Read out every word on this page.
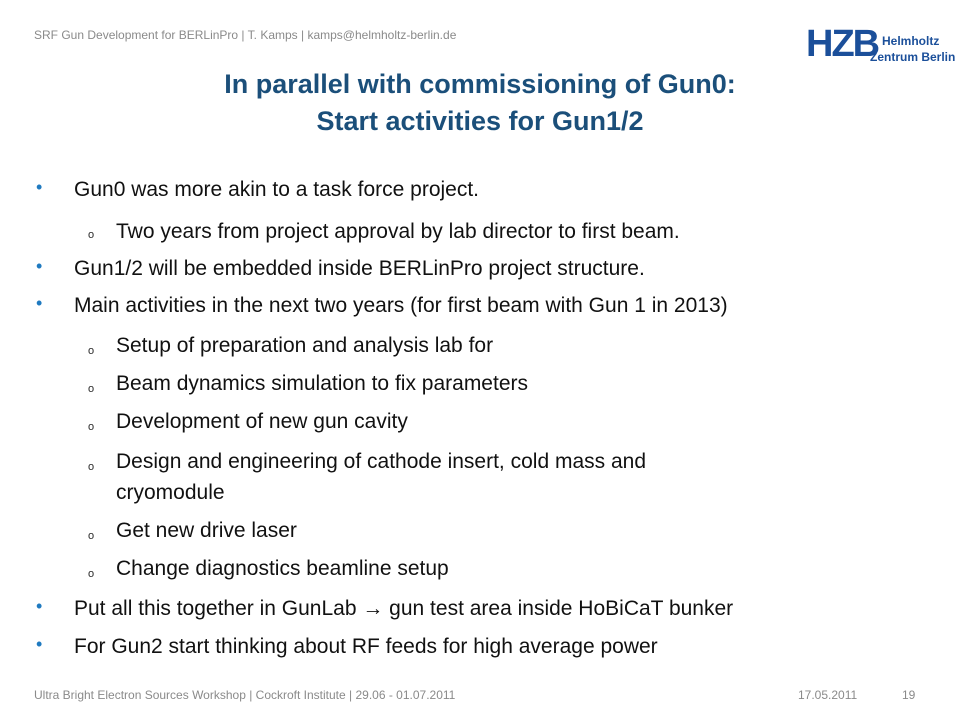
SRF Gun Development for BERLinPro | T. Kamps | kamps@helmholtz-berlin.de	HZB Helmholtz
Zentrum Berlin
In parallel with commissioning of Gun0:
Start activities for Gun1/2
• Gun0 was more akin to a task force project.
o Two years from project approval by lab director to first beam.
• Gun1/2 will be embedded inside BERLinPro project structure.
• Main activities in the next two years (for first beam with Gun 1 in 2013)
o Setup of preparation and analysis lab for
o Beam dynamics simulation to fix parameters
o Development of new gun cavity
o Design and engineering of cathode insert, cold mass and
cryomodule
o Get new drive laser
o Change diagnostics beamline setup
• Put all this together in GunLab → gun test area inside HoBiCaT bunker
• For Gun2 start thinking about RF feeds for high average power
Ultra Bright Electron Sources Workshop | Cockroft Institute | 29.06 - 01.07.2011	17.05.2011	19
